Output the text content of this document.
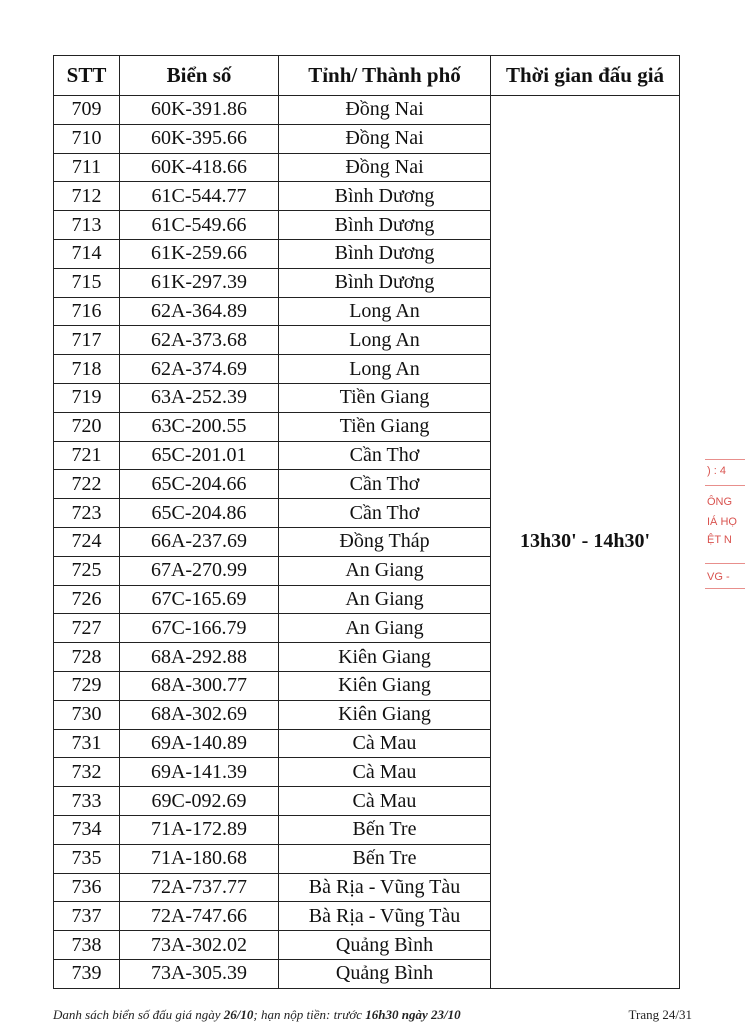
STT	Biển số	Tỉnh/ Thành phố	Thời gian đấu giá
709	60K-391.86	Đồng Nai	13h30' - 14h30'
710	60K-395.66	Đồng Nai	
711	60K-418.66	Đồng Nai	
712	61C-544.77	Bình Dương	
713	61C-549.66	Bình Dương	
714	61K-259.66	Bình Dương	
715	61K-297.39	Bình Dương	
716	62A-364.89	Long An	
717	62A-373.68	Long An	
718	62A-374.69	Long An	
719	63A-252.39	Tiền Giang	
720	63C-200.55	Tiền Giang	
721	65C-201.01	Cần Thơ	
722	65C-204.66	Cần Thơ	
723	65C-204.86	Cần Thơ	
724	66A-237.69	Đồng Tháp	
725	67A-270.99	An Giang	
726	67C-165.69	An Giang	
727	67C-166.79	An Giang	
728	68A-292.88	Kiên Giang	
729	68A-300.77	Kiên Giang	
730	68A-302.69	Kiên Giang	
731	69A-140.89	Cà Mau	
732	69A-141.39	Cà Mau	
733	69C-092.69	Cà Mau	
734	71A-172.89	Bến Tre	
735	71A-180.68	Bến Tre	
736	72A-737.77	Bà Rịa - Vũng Tàu	
737	72A-747.66	Bà Rịa - Vũng Tàu	
738	73A-302.02	Quảng Bình	
739	73A-305.39	Quảng Bình	
Danh sách biển số đấu giá ngày 26/10; hạn nộp tiền: trước 16h30 ngày 23/10	Trang 24/31
) : 4
ÔNG
IÁ HỌ
ỆT N
VG -
